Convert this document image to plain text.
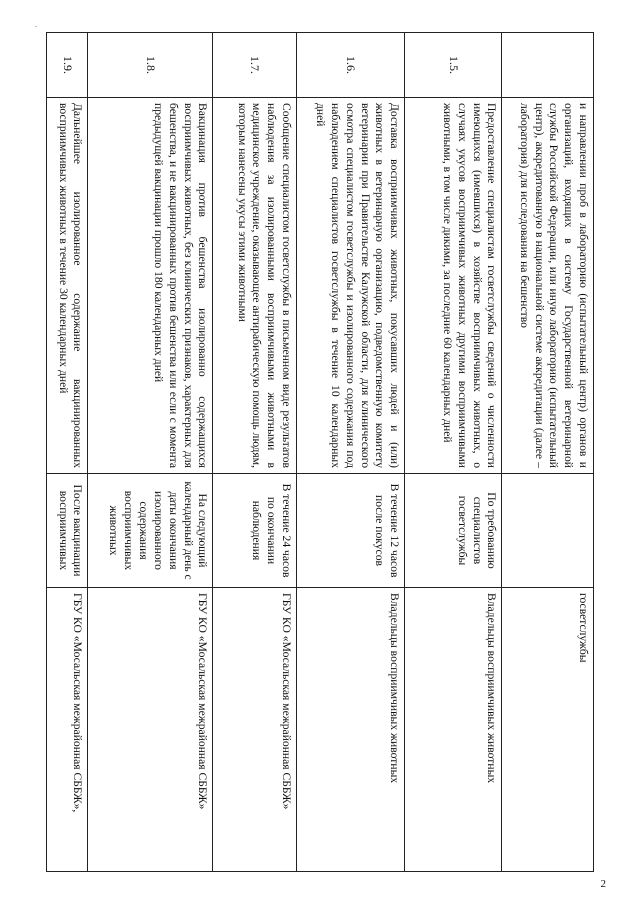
.
	и направлении проб в лабораторию (испытательный центр) органов и организаций, входящих в систему Государственной ветеринарной службы Российской Федерации, или иную лабораторию (испытательный центр), аккредитованную в национальной системе аккредитации (далее – лаборатория) для исследования на бешенство		госветслужбы
1.5.	Предоставление специалистам госветслужбы сведений о численности имеющихся (имевшихся) в хозяйстве восприимчивых животных, о случаях укусов восприимчивых животных другими восприимчивыми животными, в том числе дикими, за последние 60 календарных дней	По требованию специалистов госветслужбы	Владельцы восприимчивых животных
1.6.	Доставка восприимчивых животных, покусавших людей и (или) животных в ветеринарную организацию, подведомственную комитету ветеринарии при Правительстве Калужской области, для клинического осмотра специалистом госветслужбы и изолированного содержания под наблюдением специалистов госветслужбы в течение 10 календарных дней	В течение 12 часов после покусов	Владельцы восприимчивых животных
1.7.	Сообщение специалистом госветслужбы в письменном виде результатов наблюдения за изолированными восприимчивыми животными в медицинское учреждение, оказывающее антирабическую помощь людям, которым нанесены укусы этими животными	В течение 24 часов по окончании наблюдения	ГБУ КО «Мосальская межрайонная СББЖ»
1.8.	Вакцинация против бешенства изолированно содержащихся восприимчивых животных, без клинических признаков, характерных для бешенства, и не вакцинированных против бешенства или если с момента предыдущей вакцинации прошло 180 календарных дней	На следующий календарный день с даты окончания изолированного содержания восприимчивых животных	ГБУ КО «Мосальская межрайонная СББЖ»
1.9.	Дальнейшее изолированное содержание вакцинированных восприимчивых животных в течение 30 календарных дней	После вакцинации восприимчивых	ГБУ КО «Мосальская межрайонная СББЖ»,
2
